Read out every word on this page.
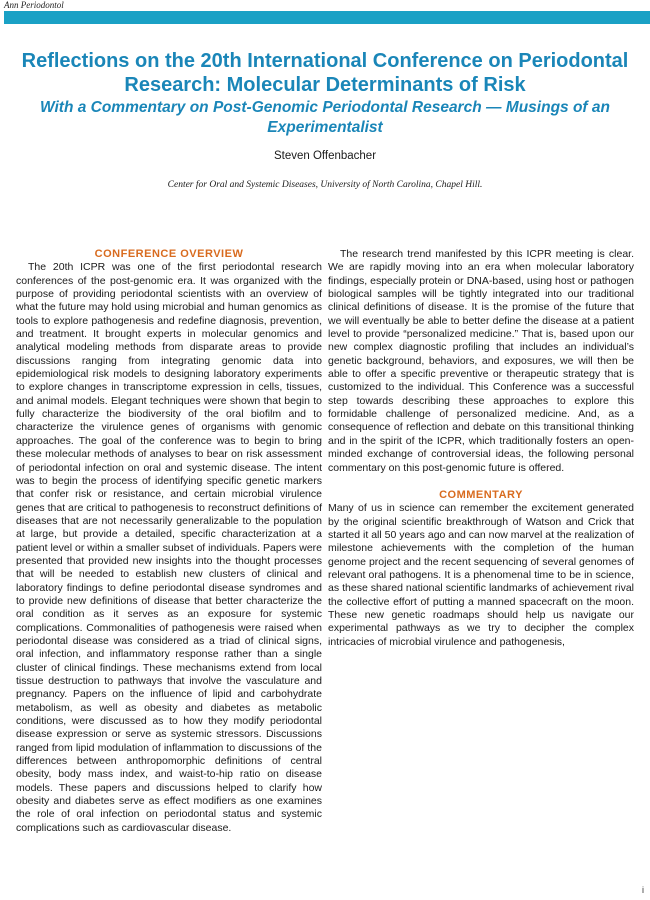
Ann Periodontol
Reflections on the 20th International Conference on Periodontal Research: Molecular Determinants of Risk
With a Commentary on Post-Genomic Periodontal Research — Musings of an Experimentalist
Steven Offenbacher
Center for Oral and Systemic Diseases, University of North Carolina, Chapel Hill.
CONFERENCE OVERVIEW

The 20th ICPR was one of the first periodontal research conferences of the post-genomic era. It was organized with the purpose of providing periodontal scientists with an overview of what the future may hold using microbial and human genomics as tools to explore pathogenesis and redefine diagnosis, prevention, and treatment. It brought experts in molecular genomics and analytical modeling methods from disparate areas to provide discussions ranging from integrating genomic data into epidemiological risk models to designing laboratory experiments to explore changes in transcriptome expression in cells, tissues, and animal models. Elegant techniques were shown that begin to fully characterize the biodiversity of the oral biofilm and to characterize the virulence genes of organisms with genomic approaches. The goal of the conference was to begin to bring these molecular methods of analyses to bear on risk assessment of periodontal infection on oral and systemic disease. The intent was to begin the process of identifying specific genetic markers that confer risk or resistance, and certain microbial virulence genes that are critical to pathogenesis to reconstruct definitions of diseases that are not necessarily generalizable to the population at large, but provide a detailed, specific characterization at a patient level or within a smaller subset of individuals. Papers were presented that provided new insights into the thought processes that will be needed to establish new clusters of clinical and laboratory findings to define periodontal disease syndromes and to provide new definitions of disease that better characterize the oral condition as it serves as an exposure for systemic complications. Commonalities of pathogenesis were raised when periodontal disease was considered as a triad of clinical signs, oral infection, and inflammatory response rather than a single cluster of clinical findings. These mechanisms extend from local tissue destruction to pathways that involve the vasculature and pregnancy. Papers on the influence of lipid and carbohydrate metabolism, as well as obesity and diabetes as metabolic conditions, were discussed as to how they modify periodontal disease expression or serve as systemic stressors. Discussions ranged from lipid modulation of inflammation to discussions of the differences between anthropomorphic definitions of central obesity, body mass index, and waist-to-hip ratio on disease models. These papers and discussions helped to clarify how obesity and diabetes serve as effect modifiers as one examines the role of oral infection on periodontal status and systemic complications such as cardiovascular disease.

The research trend manifested by this ICPR meeting is clear. We are rapidly moving into an era when molecular laboratory findings, especially protein or DNA-based, using host or pathogen biological samples will be tightly integrated into our traditional clinical definitions of disease. It is the promise of the future that we will eventually be able to better define the disease at a patient level to provide “personalized medicine.” That is, based upon our new complex diagnostic profiling that includes an individual’s genetic background, behaviors, and exposures, we will then be able to offer a specific preventive or therapeutic strategy that is customized to the individual. This Conference was a successful step towards describing these approaches to explore this formidable challenge of personalized medicine. And, as a consequence of reflection and debate on this transitional thinking and in the spirit of the ICPR, which traditionally fosters an open-minded exchange of controversial ideas, the following personal commentary on this post-genomic future is offered.

COMMENTARY

Many of us in science can remember the excitement generated by the original scientific breakthrough of Watson and Crick that started it all 50 years ago and can now marvel at the realization of milestone achievements with the completion of the human genome project and the recent sequencing of several genomes of relevant oral pathogens. It is a phenomenal time to be in science, as these shared national scientific landmarks of achievement rival the collective effort of putting a manned spacecraft on the moon. These new genetic roadmaps should help us navigate our experimental pathways as we try to decipher the complex intricacies of microbial virulence and pathogenesis,

i
